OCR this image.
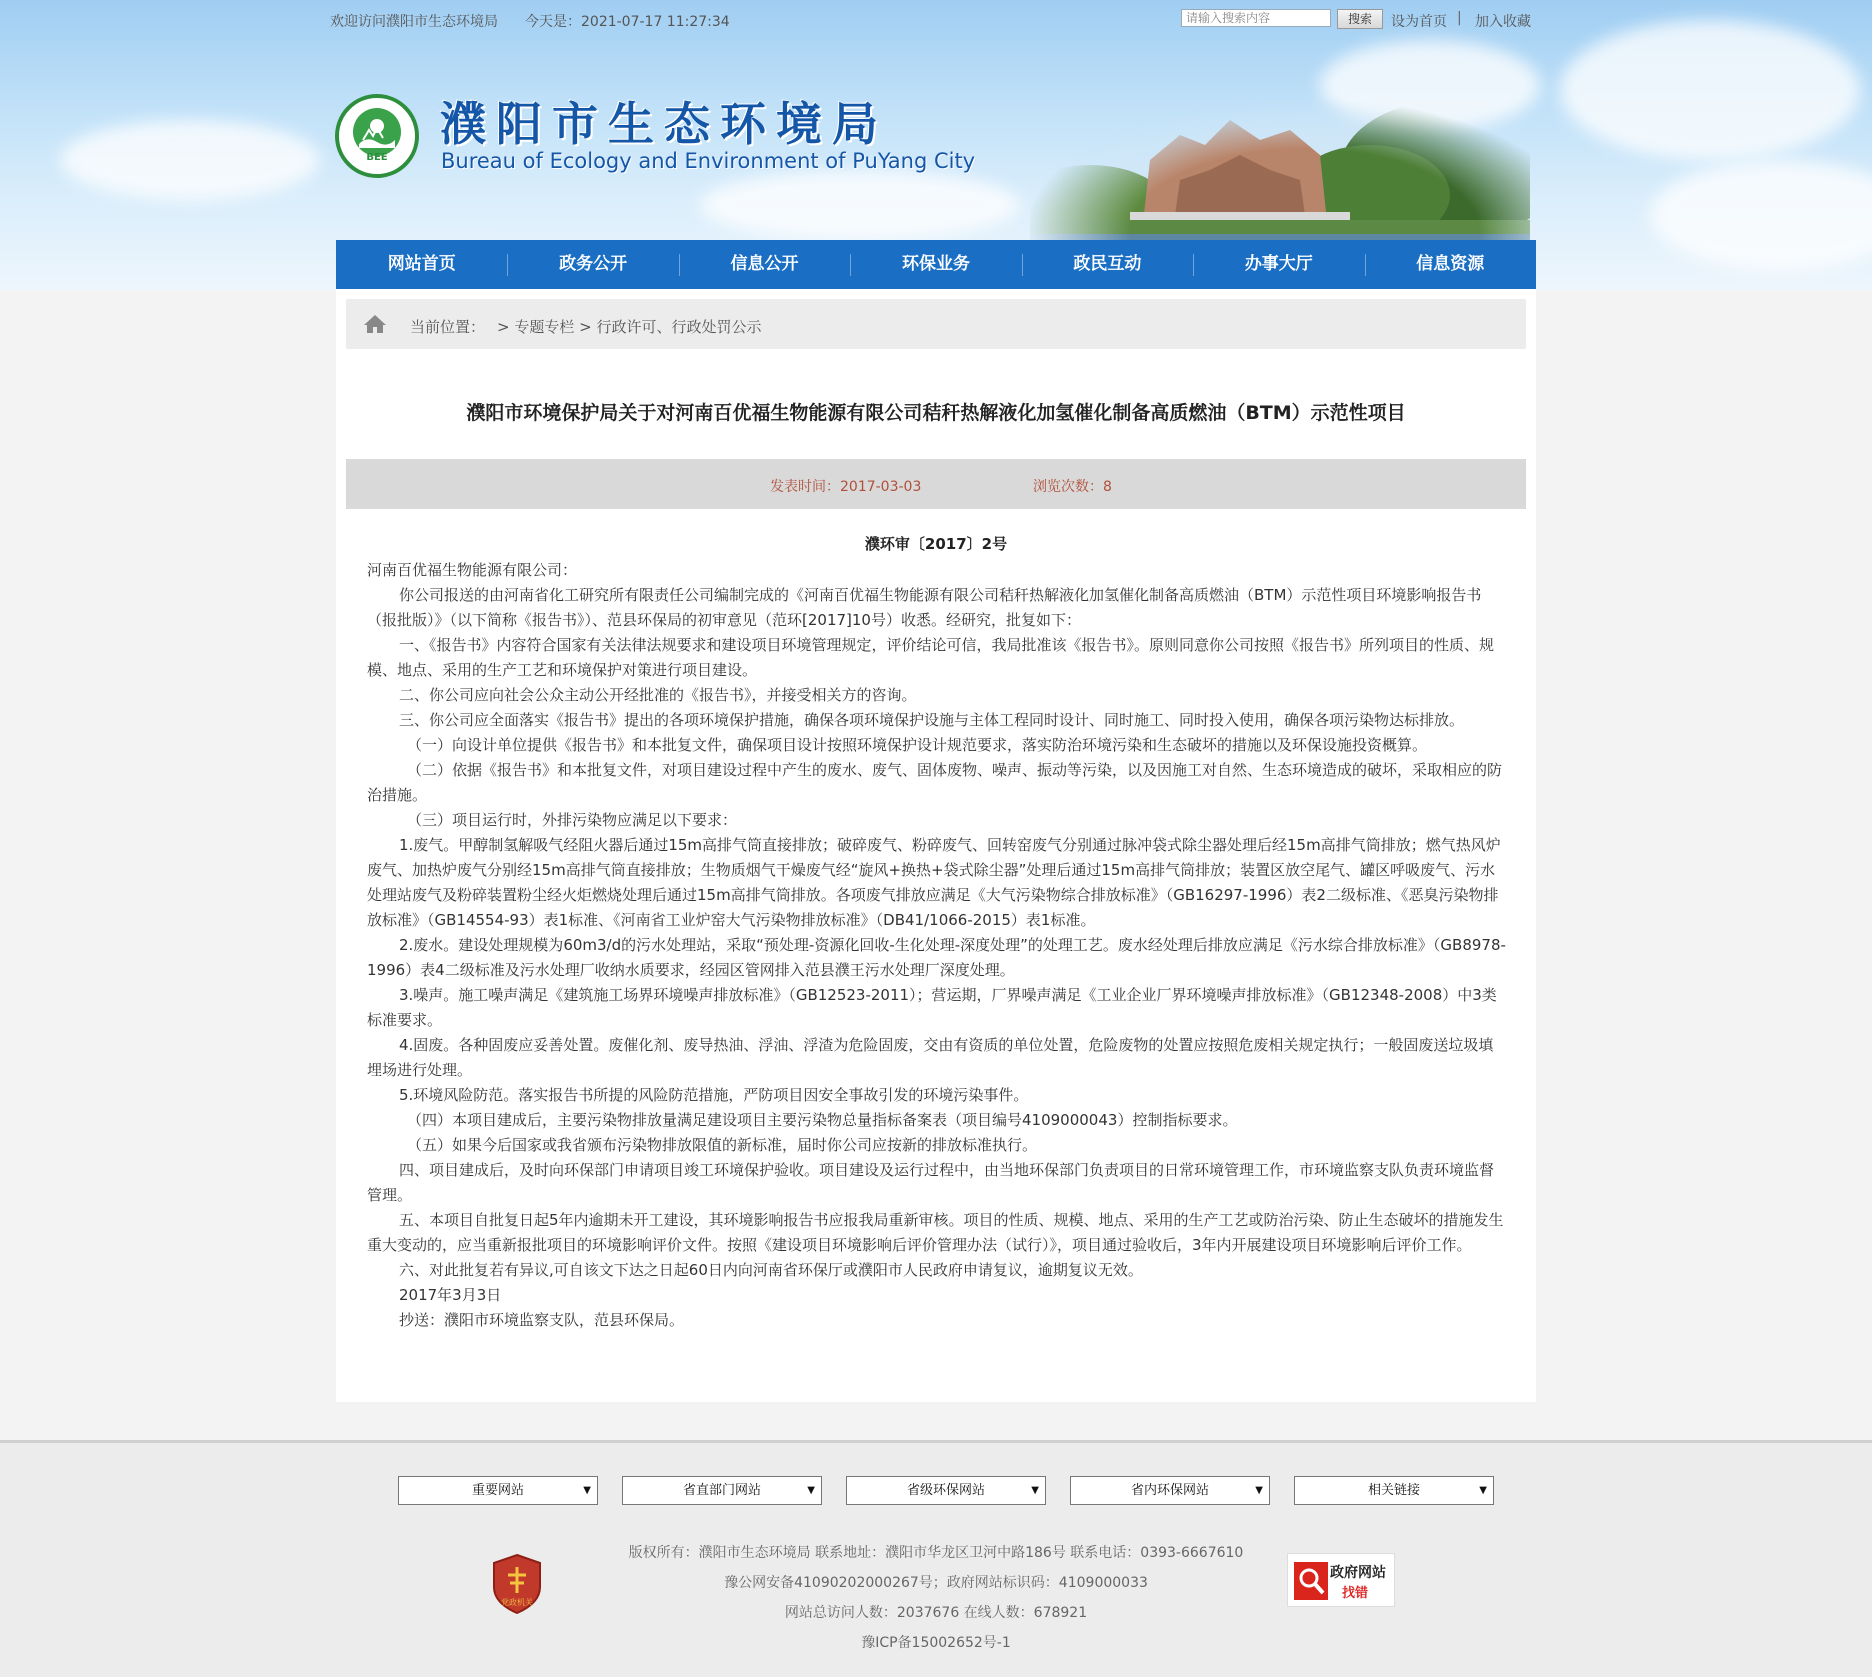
欢迎访问濮阳市生态环境局 今天是：2021-07-17 11:27:34	请输入搜索内容	搜索	设为首页 | 加入收藏
BEE
濮阳市生态环境局
Bureau of Ecology and Environment of PuYang City
网站首页	政务公开	信息公开	环保业务	政民互动	办事大厅	信息资源
当前位置： > 专题专栏 > 行政许可、行政处罚公示
濮阳市环境保护局关于对河南百优福生物能源有限公司秸秆热解液化加氢催化制备高质燃油（BTM）示范性项目
发表时间：2017-03-03	浏览次数：8
濮环审〔2017〕2号

河南百优福生物能源有限公司：

你公司报送的由河南省化工研究所有限责任公司编制完成的《河南百优福生物能源有限公司秸秆热解液化加氢催化制备高质燃油（BTM）示范性项目环境影响报告书（报批版）》（以下简称《报告书》）、范县环保局的初审意见（范环[2017]10号）收悉。经研究，批复如下：

一、《报告书》内容符合国家有关法律法规要求和建设项目环境管理规定，评价结论可信，我局批准该《报告书》。原则同意你公司按照《报告书》所列项目的性质、规模、地点、采用的生产工艺和环境保护对策进行项目建设。

二、你公司应向社会公众主动公开经批准的《报告书》，并接受相关方的咨询。

三、你公司应全面落实《报告书》提出的各项环境保护措施，确保各项环境保护设施与主体工程同时设计、同时施工、同时投入使用，确保各项污染物达标排放。

（一）向设计单位提供《报告书》和本批复文件，确保项目设计按照环境保护设计规范要求，落实防治环境污染和生态破坏的措施以及环保设施投资概算。

（二）依据《报告书》和本批复文件，对项目建设过程中产生的废水、废气、固体废物、噪声、振动等污染，以及因施工对自然、生态环境造成的破坏，采取相应的防治措施。

（三）项目运行时，外排污染物应满足以下要求：

1.废气。甲醇制氢解吸气经阻火器后通过15m高排气筒直接排放；破碎废气、粉碎废气、回转窑废气分别通过脉冲袋式除尘器处理后经15m高排气筒排放；燃气热风炉废气、加热炉废气分别经15m高排气筒直接排放；生物质烟气干燥废气经“旋风+换热+袋式除尘器”处理后通过15m高排气筒排放；装置区放空尾气、罐区呼吸废气、污水处理站废气及粉碎装置粉尘经火炬燃烧处理后通过15m高排气筒排放。各项废气排放应满足《大气污染物综合排放标准》（GB16297-1996）表2二级标准、《恶臭污染物排放标准》（GB14554-93）表1标准、《河南省工业炉窑大气污染物排放标准》（DB41/1066-2015）表1标准。

2.废水。建设处理规模为60m3/d的污水处理站，采取“预处理-资源化回收-生化处理-深度处理”的处理工艺。废水经处理后排放应满足《污水综合排放标准》（GB8978-1996）表4二级标准及污水处理厂收纳水质要求，经园区管网排入范县濮王污水处理厂深度处理。

3.噪声。施工噪声满足《建筑施工场界环境噪声排放标准》（GB12523-2011）；营运期，厂界噪声满足《工业企业厂界环境噪声排放标准》（GB12348-2008）中3类标准要求。

4.固废。各种固废应妥善处置。废催化剂、废导热油、浮油、浮渣为危险固废，交由有资质的单位处置，危险废物的处置应按照危废相关规定执行；一般固废送垃圾填埋场进行处理。

5.环境风险防范。落实报告书所提的风险防范措施，严防项目因安全事故引发的环境污染事件。

（四）本项目建成后，主要污染物排放量满足建设项目主要污染物总量指标备案表（项目编号4109000043）控制指标要求。

（五）如果今后国家或我省颁布污染物排放限值的新标准，届时你公司应按新的排放标准执行。

四、项目建成后，及时向环保部门申请项目竣工环境保护验收。项目建设及运行过程中，由当地环保部门负责项目的日常环境管理工作，市环境监察支队负责环境监督管理。

五、本项目自批复日起5年内逾期未开工建设，其环境影响报告书应报我局重新审核。项目的性质、规模、地点、采用的生产工艺或防治污染、防止生态破坏的措施发生重大变动的，应当重新报批项目的环境影响评价文件。按照《建设项目环境影响后评价管理办法（试行）》，项目通过验收后，3年内开展建设项目环境影响后评价工作。

六、对此批复若有异议,可自该文下达之日起60日内向河南省环保厅或濮阳市人民政府申请复议，逾期复议无效。

2017年3月3日

抄送：濮阳市环境监察支队，范县环保局。

重要网站	▼	省直部门网站	▼	省级环保网站	▼	省内环保网站	▼	相关链接	▼
版权所有：濮阳市生态环境局 联系地址：濮阳市华龙区卫河中路186号 联系电话：0393-6667610
豫公网安备41090202000267号；政府网站标识码：4109000033
网站总访问人数：2037676 在线人数：678921
豫ICP备15002652号-1
党政机关
政府网站
找错
